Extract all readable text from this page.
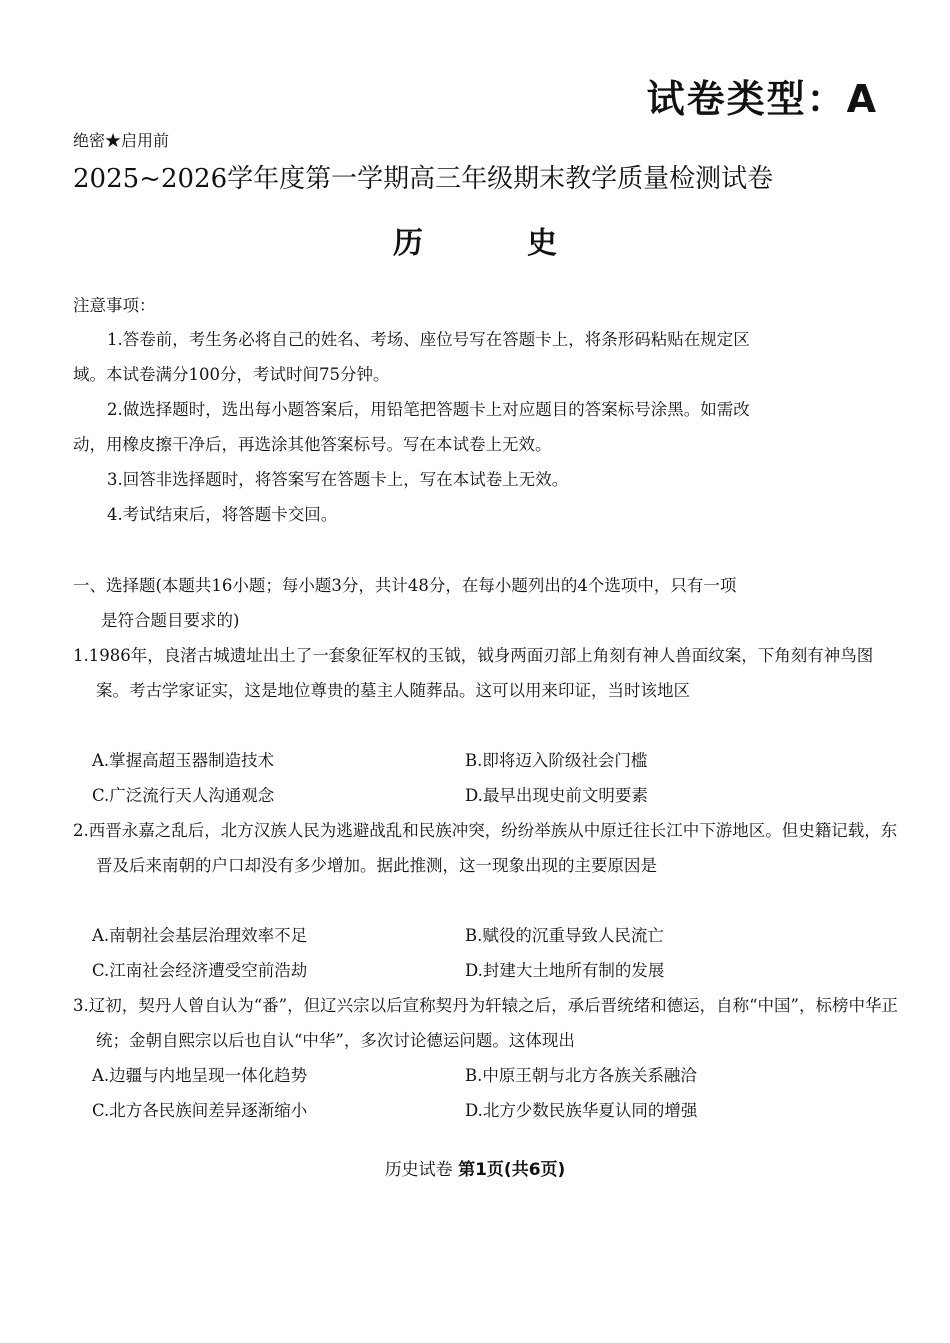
试卷类型：A
绝密★启用前
2025~2026学年度第一学期高三年级期末教学质量检测试卷
历	史
注意事项：
1.答卷前，考生务必将自己的姓名、考场、座位号写在答题卡上，将条形码粘贴在规定区
域。本试卷满分100分，考试时间75分钟。
2.做选择题时，选出每小题答案后，用铅笔把答题卡上对应题目的答案标号涂黑。如需改
动，用橡皮擦干净后，再选涂其他答案标号。写在本试卷上无效。
3.回答非选择题时，将答案写在答题卡上，写在本试卷上无效。
4.考试结束后，将答题卡交回。
一、选择题(本题共16小题；每小题3分，共计48分，在每小题列出的4个选项中，只有一项
是符合题目要求的)
1.1986年，良渚古城遗址出土了一套象征军权的玉钺，钺身两面刃部上角刻有神人兽面纹案，下角刻有神鸟图案。考古学家证实，这是地位尊贵的墓主人随葬品。这可以用来印证，当时该地区
A.掌握高超玉器制造技术	B.即将迈入阶级社会门槛
C.广泛流行天人沟通观念	D.最早出现史前文明要素
2.西晋永嘉之乱后，北方汉族人民为逃避战乱和民族冲突，纷纷举族从中原迁往长江中下游地区。但史籍记载，东晋及后来南朝的户口却没有多少增加。据此推测，这一现象出现的主要原因是
A.南朝社会基层治理效率不足	B.赋役的沉重导致人民流亡
C.江南社会经济遭受空前浩劫	D.封建大土地所有制的发展
3.辽初，契丹人曾自认为“番”，但辽兴宗以后宣称契丹为轩辕之后，承后晋统绪和德运，自称“中国”，标榜中华正统；金朝自熙宗以后也自认“中华”，多次讨论德运问题。这体现出
A.边疆与内地呈现一体化趋势	B.中原王朝与北方各族关系融洽
C.北方各民族间差异逐渐缩小	D.北方少数民族华夏认同的增强
历史试卷 第1页(共6页)
